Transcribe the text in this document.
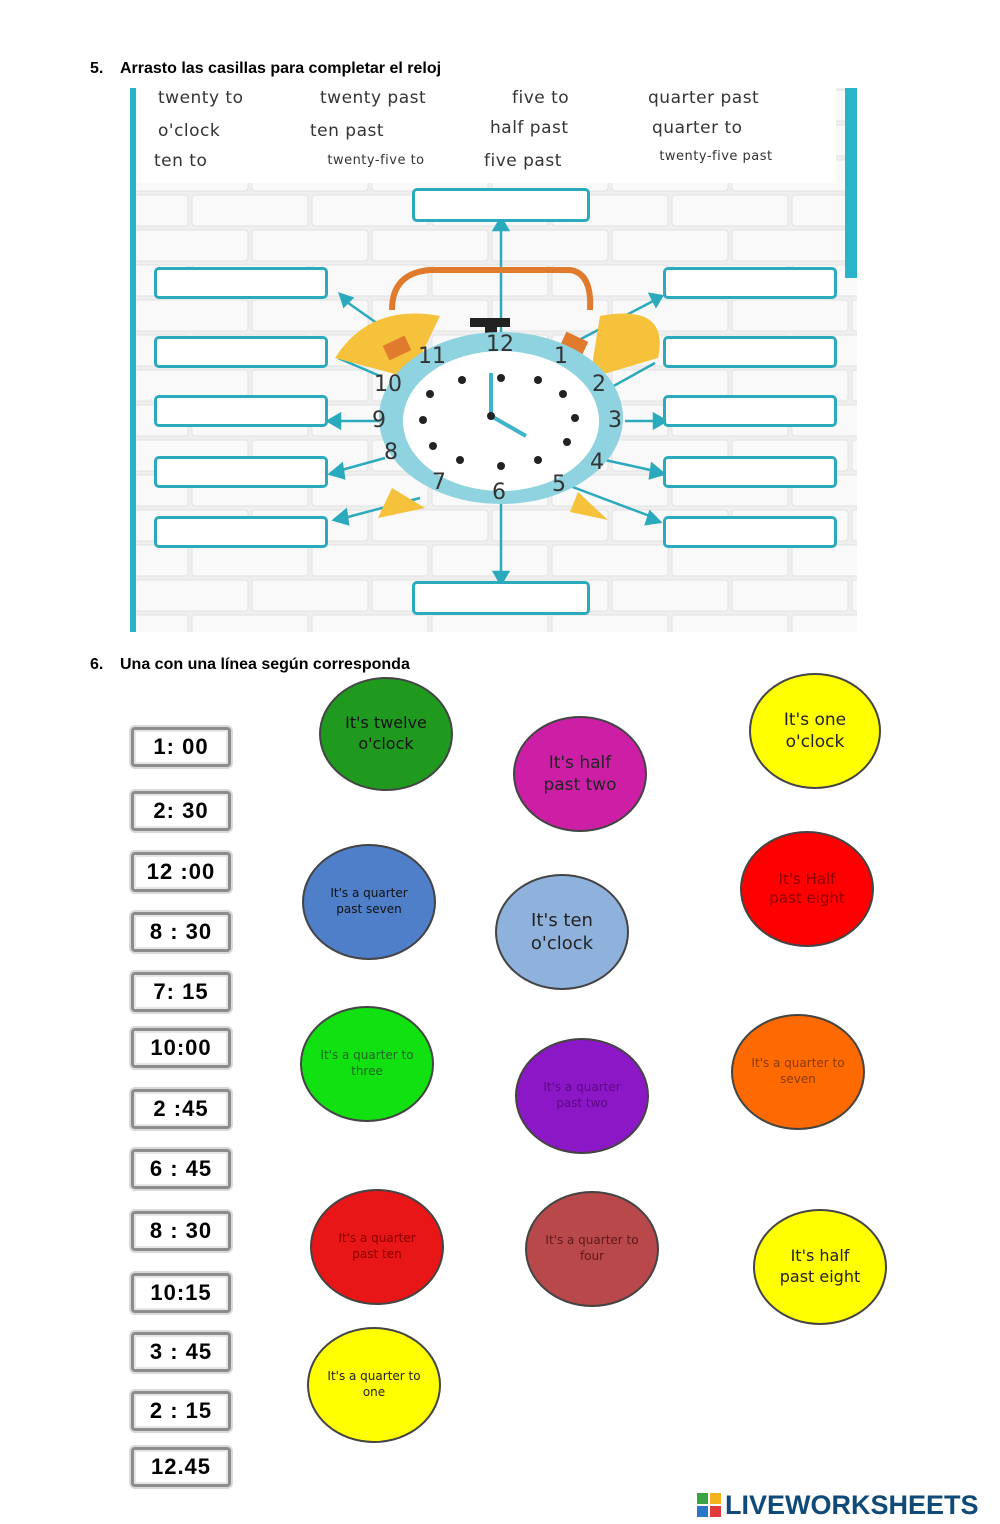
5. Arrasto las casillas para completar el reloj
twenty to	twenty past	five to	quarter past
o'clock	ten past	half past	quarter to
ten to	twenty-five to	five past	twenty-five past
12 1
2
3
4
5
6
7
8
9
10
11
6. Una con una línea según corresponda
1: 00
2: 30
12 :00
8 : 30
7: 15
10:00
2 :45
6 : 45
8 : 30
10:15
3 : 45
2 : 15
12.45
It's twelve o'clock
It's half past two
It's one o'clock
It's a quarter past seven
It's ten o'clock
It's Half past eight
It's a quarter to three
It's a quarter past two
It's a quarter to seven
It's a quarter past ten
It's a quarter to four	It's half past eight
It's a quarter to one
LIVEWORKSHEETS
